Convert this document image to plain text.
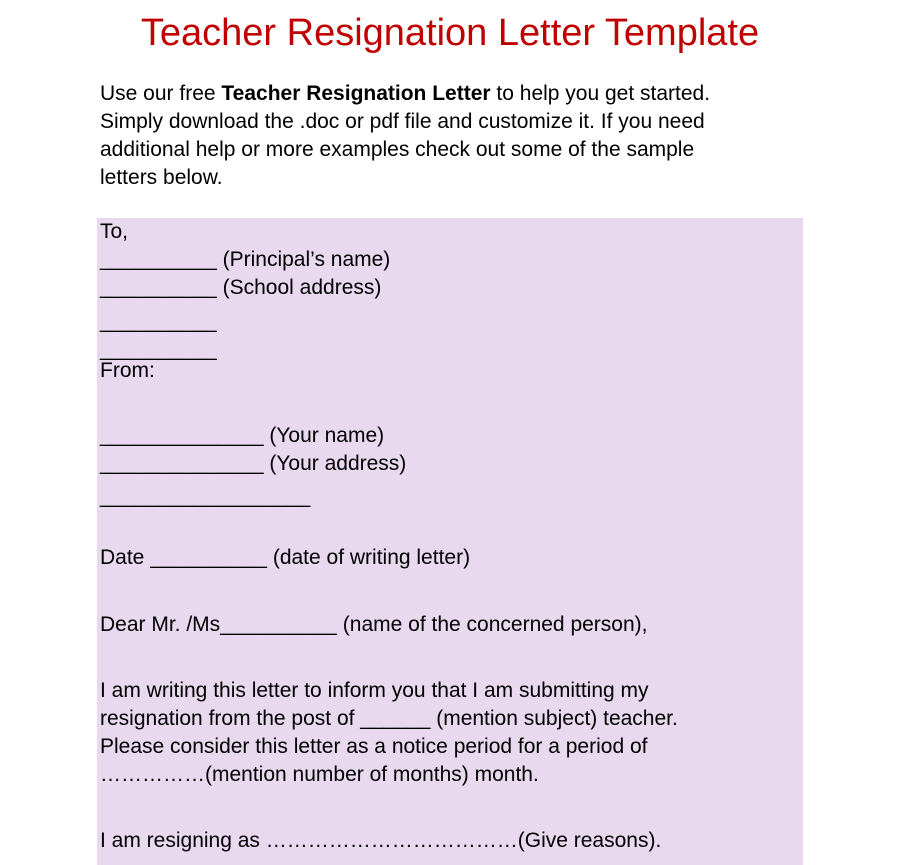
Teacher Resignation Letter Template
Use our free Teacher Resignation Letter to help you get started.
Simply download the .doc or pdf file and customize it. If you need
additional help or more examples check out some of the sample
letters below.
To,
__________ (Principal’s name)
__________ (School address)
__________
__________
From:
______________ (Your name)
______________ (Your address)
__________________
Date __________ (date of writing letter)
Dear Mr. /Ms__________ (name of the concerned person),
I am writing this letter to inform you that I am submitting my
resignation from the post of ______ (mention subject) teacher.
Please consider this letter as a notice period for a period of
……………(mention number of months) month.
I am resigning as ………………………………(Give reasons).
